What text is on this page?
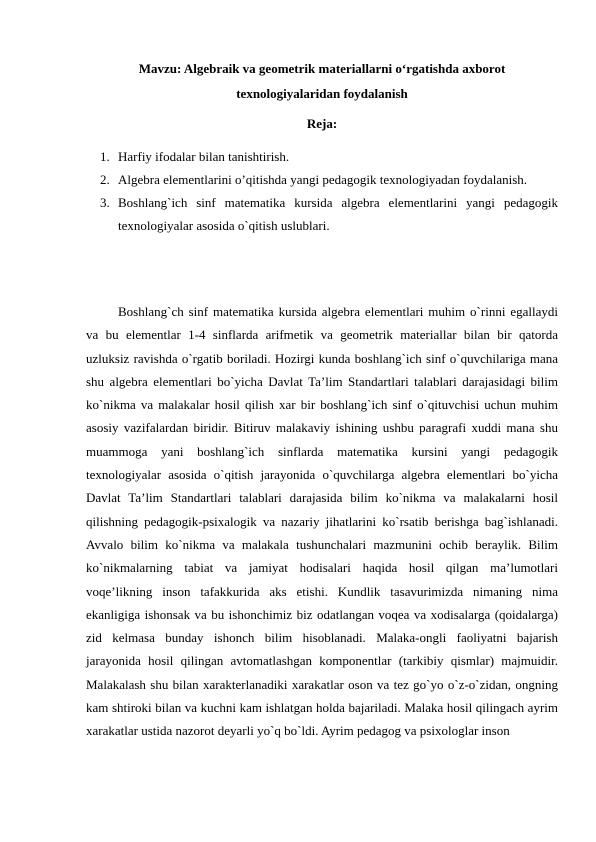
Mavzu: Algebraik va geometrik materiallarni o‘rgatishda axborot

texnologiyalaridan foydalanish

Reja:

1. Harfiy ifodalar bilan tanishtirish.
2. Algebra elementlarini o’qitishda yangi pedagogik texnologiyadan foydalanish.
3. Boshlang`ich sinf matematika kursida algebra elementlarini yangi pedagogik texnologiyalar asosida o`qitish uslublari.

Boshlang`ch sinf matematika kursida algebra elementlari muhim o`rinni egallaydi va bu elementlar 1-4 sinflarda arifmetik va geometrik materiallar bilan bir qatorda uzluksiz ravishda o`rgatib boriladi. Hozirgi kunda boshlang`ich sinf o`quvchilariga mana shu algebra elementlari bo`yicha Davlat Ta’lim Standartlari talablari darajasidagi bilim ko`nikma va malakalar hosil qilish xar bir boshlang`ich sinf o`qituvchisi uchun muhim asosiy vazifalardan biridir. Bitiruv malakaviy ishining ushbu paragrafi xuddi mana shu muammoga yani boshlang`ich sinflarda matematika kursini yangi pedagogik texnologiyalar asosida o`qitish jarayonida o`quvchilarga algebra elementlari bo`yicha Davlat Ta’lim Standartlari talablari darajasida bilim ko`nikma va malakalarni hosil qilishning pedagogik-psixalogik va nazariy jihatlarini ko`rsatib berishga bag`ishlanadi. Avvalo bilim ko`nikma va malakala tushunchalari mazmunini ochib beraylik. Bilim ko`nikmalarning tabiat va jamiyat hodisalari haqida hosil qilgan ma’lumotlari voqe’likning inson tafakkurida aks etishi. Kundlik tasavurimizda nimaning nima ekanligiga ishonsak va bu ishonchimiz biz odatlangan voqea va xodisalarga (qoidalarga) zid kelmasa bunday ishonch bilim hisoblanadi. Malaka-ongli faoliyatni bajarish jarayonida hosil qilingan avtomatlashgan komponentlar (tarkibiy qismlar) majmuidir. Malakalash shu bilan xarakterlanadiki xarakatlar oson va tez go`yo o`z-o`zidan, ongning kam shtiroki bilan va kuchni kam ishlatgan holda bajariladi. Malaka hosil qilingach ayrim xarakatlar ustida nazorot deyarli yo`q bo`ldi. Ayrim pedagog va psixologlar inson
